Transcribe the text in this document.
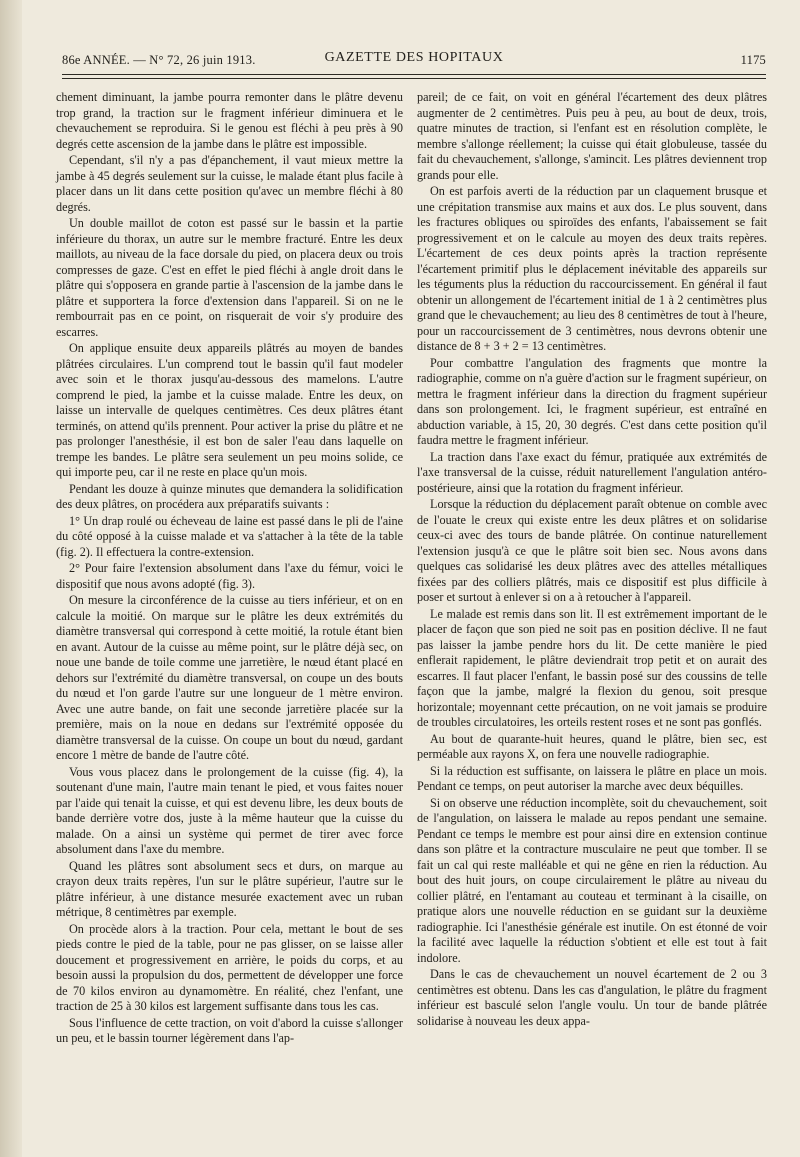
86e ANNÉE. — N° 72, 26 juin 1913.	GAZETTE DES HOPITAUX	1175

chement diminuant, la jambe pourra remonter dans le plâtre devenu trop grand, la traction sur le fragment inférieur diminuera et le chevauchement se reproduira. Si le genou est fléchi à peu près à 90 degrés cette ascension de la jambe dans le plâtre est impossible.

Cependant, s'il n'y a pas d'épanchement, il vaut mieux mettre la jambe à 45 degrés seulement sur la cuisse, le malade étant plus facile à placer dans un lit dans cette position qu'avec un membre fléchi à 80 degrés.

Un double maillot de coton est passé sur le bassin et la partie inférieure du thorax, un autre sur le membre fracturé. Entre les deux maillots, au niveau de la face dorsale du pied, on placera deux ou trois compresses de gaze. C'est en effet le pied fléchi à angle droit dans le plâtre qui s'opposera en grande partie à l'ascension de la jambe dans le plâtre et supportera la force d'extension dans l'appareil. Si on ne le rembourrait pas en ce point, on risquerait de voir s'y produire des escarres.

On applique ensuite deux appareils plâtrés au moyen de bandes plâtrées circulaires. L'un comprend tout le bassin qu'il faut modeler avec soin et le thorax jusqu'au-dessous des mamelons. L'autre comprend le pied, la jambe et la cuisse malade. Entre les deux, on laisse un intervalle de quelques centimètres. Ces deux plâtres étant terminés, on attend qu'ils prennent. Pour activer la prise du plâtre et ne pas prolonger l'anesthésie, il est bon de saler l'eau dans laquelle on trempe les bandes. Le plâtre sera seulement un peu moins solide, ce qui importe peu, car il ne reste en place qu'un mois.

Pendant les douze à quinze minutes que demandera la solidification des deux plâtres, on procédera aux préparatifs suivants :

1° Un drap roulé ou écheveau de laine est passé dans le pli de l'aine du côté opposé à la cuisse malade et va s'attacher à la tête de la table (fig. 2). Il effectuera la contre-extension.

2° Pour faire l'extension absolument dans l'axe du fémur, voici le dispositif que nous avons adopté (fig. 3).

On mesure la circonférence de la cuisse au tiers inférieur, et on en calcule la moitié. On marque sur le plâtre les deux extrémités du diamètre transversal qui correspond à cette moitié, la rotule étant bien en avant. Autour de la cuisse au même point, sur le plâtre déjà sec, on noue une bande de toile comme une jarretière, le nœud étant placé en dehors sur l'extrémité du diamètre transversal, on coupe un des bouts du nœud et l'on garde l'autre sur une longueur de 1 mètre environ. Avec une autre bande, on fait une seconde jarretière placée sur la première, mais on la noue en dedans sur l'extrémité opposée du diamètre transversal de la cuisse. On coupe un bout du nœud, gardant encore 1 mètre de bande de l'autre côté.

Vous vous placez dans le prolongement de la cuisse (fig. 4), la soutenant d'une main, l'autre main tenant le pied, et vous faites nouer par l'aide qui tenait la cuisse, et qui est devenu libre, les deux bouts de bande derrière votre dos, juste à la même hauteur que la cuisse du malade. On a ainsi un système qui permet de tirer avec force absolument dans l'axe du membre.

Quand les plâtres sont absolument secs et durs, on marque au crayon deux traits repères, l'un sur le plâtre supérieur, l'autre sur le plâtre inférieur, à une distance mesurée exactement avec un ruban métrique, 8 centimètres par exemple.

On procède alors à la traction. Pour cela, mettant le bout de ses pieds contre le pied de la table, pour ne pas glisser, on se laisse aller doucement et progressivement en arrière, le poids du corps, et au besoin aussi la propulsion du dos, permettent de développer une force de 70 kilos environ au dynamomètre. En réalité, chez l'enfant, une traction de 25 à 30 kilos est largement suffisante dans tous les cas.

Sous l'influence de cette traction, on voit d'abord la cuisse s'allonger un peu, et le bassin tourner légèrement dans l'ap-

pareil; de ce fait, on voit en général l'écartement des deux plâtres augmenter de 2 centimètres. Puis peu à peu, au bout de deux, trois, quatre minutes de traction, si l'enfant est en résolution complète, le membre s'allonge réellement; la cuisse qui était globuleuse, tassée du fait du chevauchement, s'allonge, s'amincit. Les plâtres deviennent trop grands pour elle.

On est parfois averti de la réduction par un claquement brusque et une crépitation transmise aux mains et aux dos. Le plus souvent, dans les fractures obliques ou spiroïdes des enfants, l'abaissement se fait progressivement et on le calcule au moyen des deux traits repères. L'écartement de ces deux points après la traction représente l'écartement primitif plus le déplacement inévitable des appareils sur les téguments plus la réduction du raccourcissement. En général il faut obtenir un allongement de l'écartement initial de 1 à 2 centimètres plus grand que le chevauchement; au lieu des 8 centimètres de tout à l'heure, pour un raccourcissement de 3 centimètres, nous devrons obtenir une distance de 8 + 3 + 2 = 13 centimètres.

Pour combattre l'angulation des fragments que montre la radiographie, comme on n'a guère d'action sur le fragment supérieur, on mettra le fragment inférieur dans la direction du fragment supérieur dans son prolongement. Ici, le fragment supérieur, est entraîné en abduction variable, à 15, 20, 30 degrés. C'est dans cette position qu'il faudra mettre le fragment inférieur.

La traction dans l'axe exact du fémur, pratiquée aux extrémités de l'axe transversal de la cuisse, réduit naturellement l'angulation antéro-postérieure, ainsi que la rotation du fragment inférieur.

Lorsque la réduction du déplacement paraît obtenue on comble avec de l'ouate le creux qui existe entre les deux plâtres et on solidarise ceux-ci avec des tours de bande plâtrée. On continue naturellement l'extension jusqu'à ce que le plâtre soit bien sec. Nous avons dans quelques cas solidarisé les deux plâtres avec des attelles métalliques fixées par des colliers plâtrés, mais ce dispositif est plus difficile à poser et surtout à enlever si on a à retoucher à l'appareil.

Le malade est remis dans son lit. Il est extrêmement important de le placer de façon que son pied ne soit pas en position déclive. Il ne faut pas laisser la jambe pendre hors du lit. De cette manière le pied enflerait rapidement, le plâtre deviendrait trop petit et on aurait des escarres. Il faut placer l'enfant, le bassin posé sur des coussins de telle façon que la jambe, malgré la flexion du genou, soit presque horizontale; moyennant cette précaution, on ne voit jamais se produire de troubles circulatoires, les orteils restent roses et ne sont pas gonflés.

Au bout de quarante-huit heures, quand le plâtre, bien sec, est perméable aux rayons X, on fera une nouvelle radiographie.

Si la réduction est suffisante, on laissera le plâtre en place un mois. Pendant ce temps, on peut autoriser la marche avec deux béquilles.

Si on observe une réduction incomplète, soit du chevauchement, soit de l'angulation, on laissera le malade au repos pendant une semaine. Pendant ce temps le membre est pour ainsi dire en extension continue dans son plâtre et la contracture musculaire ne peut que tomber. Il se fait un cal qui reste malléable et qui ne gêne en rien la réduction. Au bout des huit jours, on coupe circulairement le plâtre au niveau du collier plâtré, en l'entamant au couteau et terminant à la cisaille, on pratique alors une nouvelle réduction en se guidant sur la deuxième radiographie. Ici l'anesthésie générale est inutile. On est étonné de voir la facilité avec laquelle la réduction s'obtient et elle est tout à fait indolore.

Dans le cas de chevauchement un nouvel écartement de 2 ou 3 centimètres est obtenu. Dans les cas d'angulation, le plâtre du fragment inférieur est basculé selon l'angle voulu. Un tour de bande plâtrée solidarise à nouveau les deux appa-
